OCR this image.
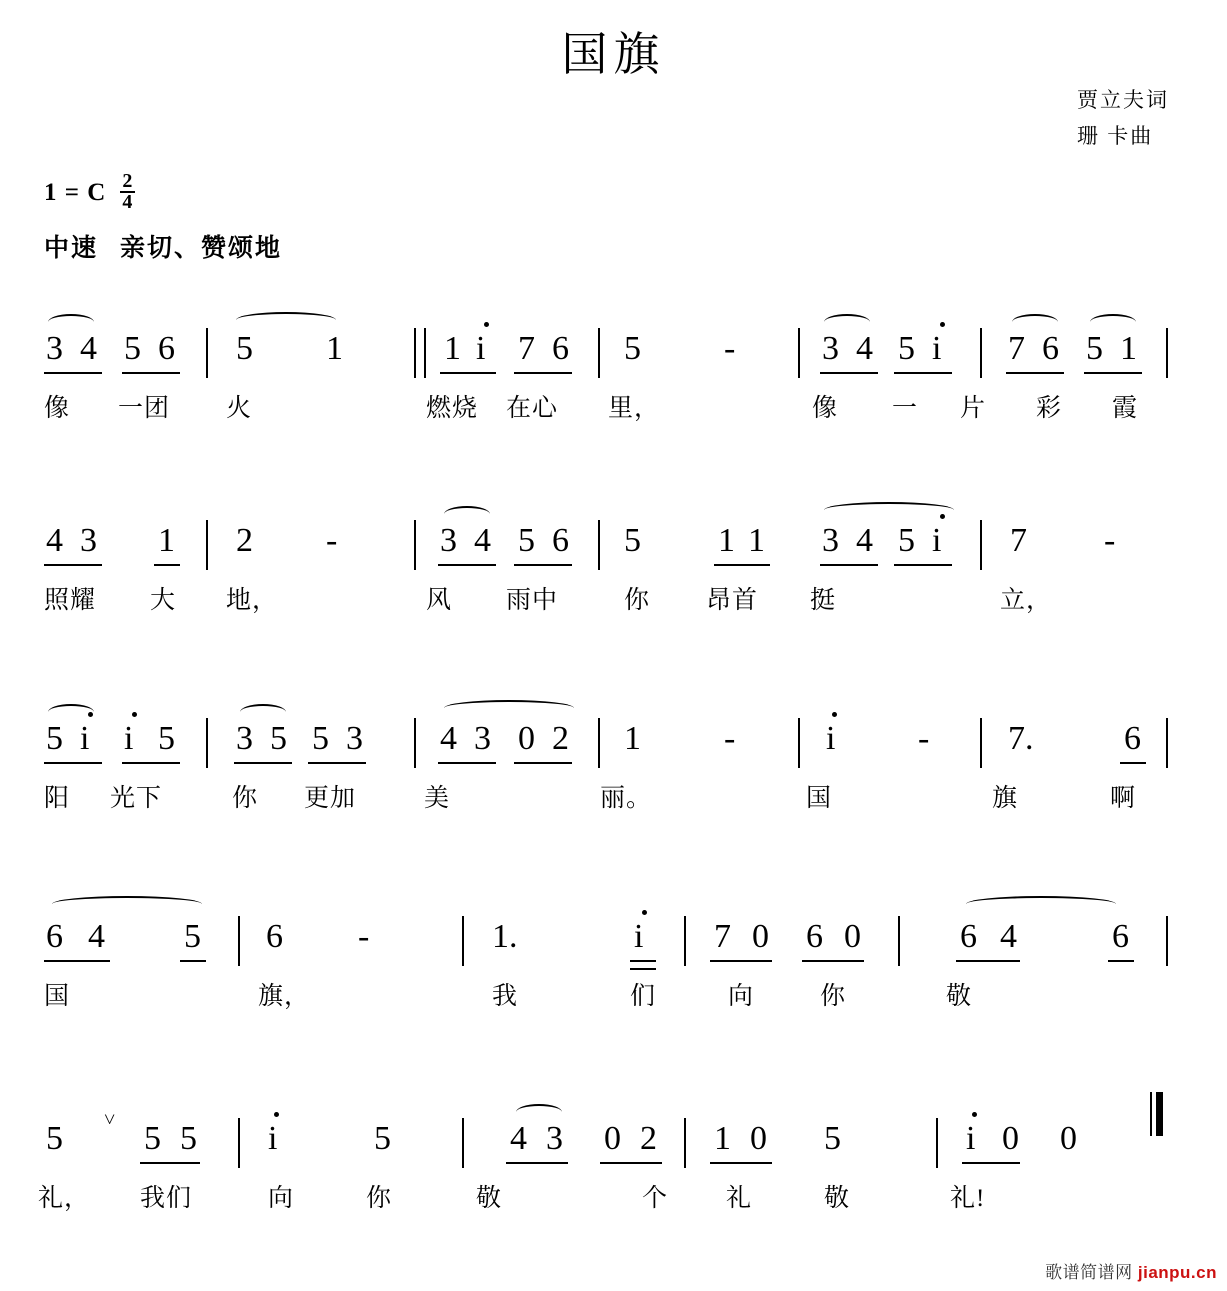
国旗
贾立夫词
珊 卡曲
1 = C $\frac{2}{4}$
中速 亲切、赞颂地
3 4 5 6 5 1	1 i 7 6 5 -	3 4 5 i 7 6 5 1
像 一团 火	燃烧 在心 里，	像 一 片 彩 霞
4 3 1 2 -	3 4 5 6 5 1 1 3 4 5 i 7 -
照耀 大 地，	风 雨中	你 昂首 挺	立，
5 i i 5 3 5 5 3 4 3 0 2 1 -	i - 7.	6
阳 光下	你 更加	美	丽。	国	旗	啊
6 4 5 6 -	1.	i 7 0 6 0	6 4	6
国	旗，	我	们	向	你	敬
5 ˅ 5 5 i	5	4 3 0 2 1 0 5	i 0 0
礼， 我们	向	你	敬	个 礼	敬	礼!
歌谱简谱网 jianpu.cn
